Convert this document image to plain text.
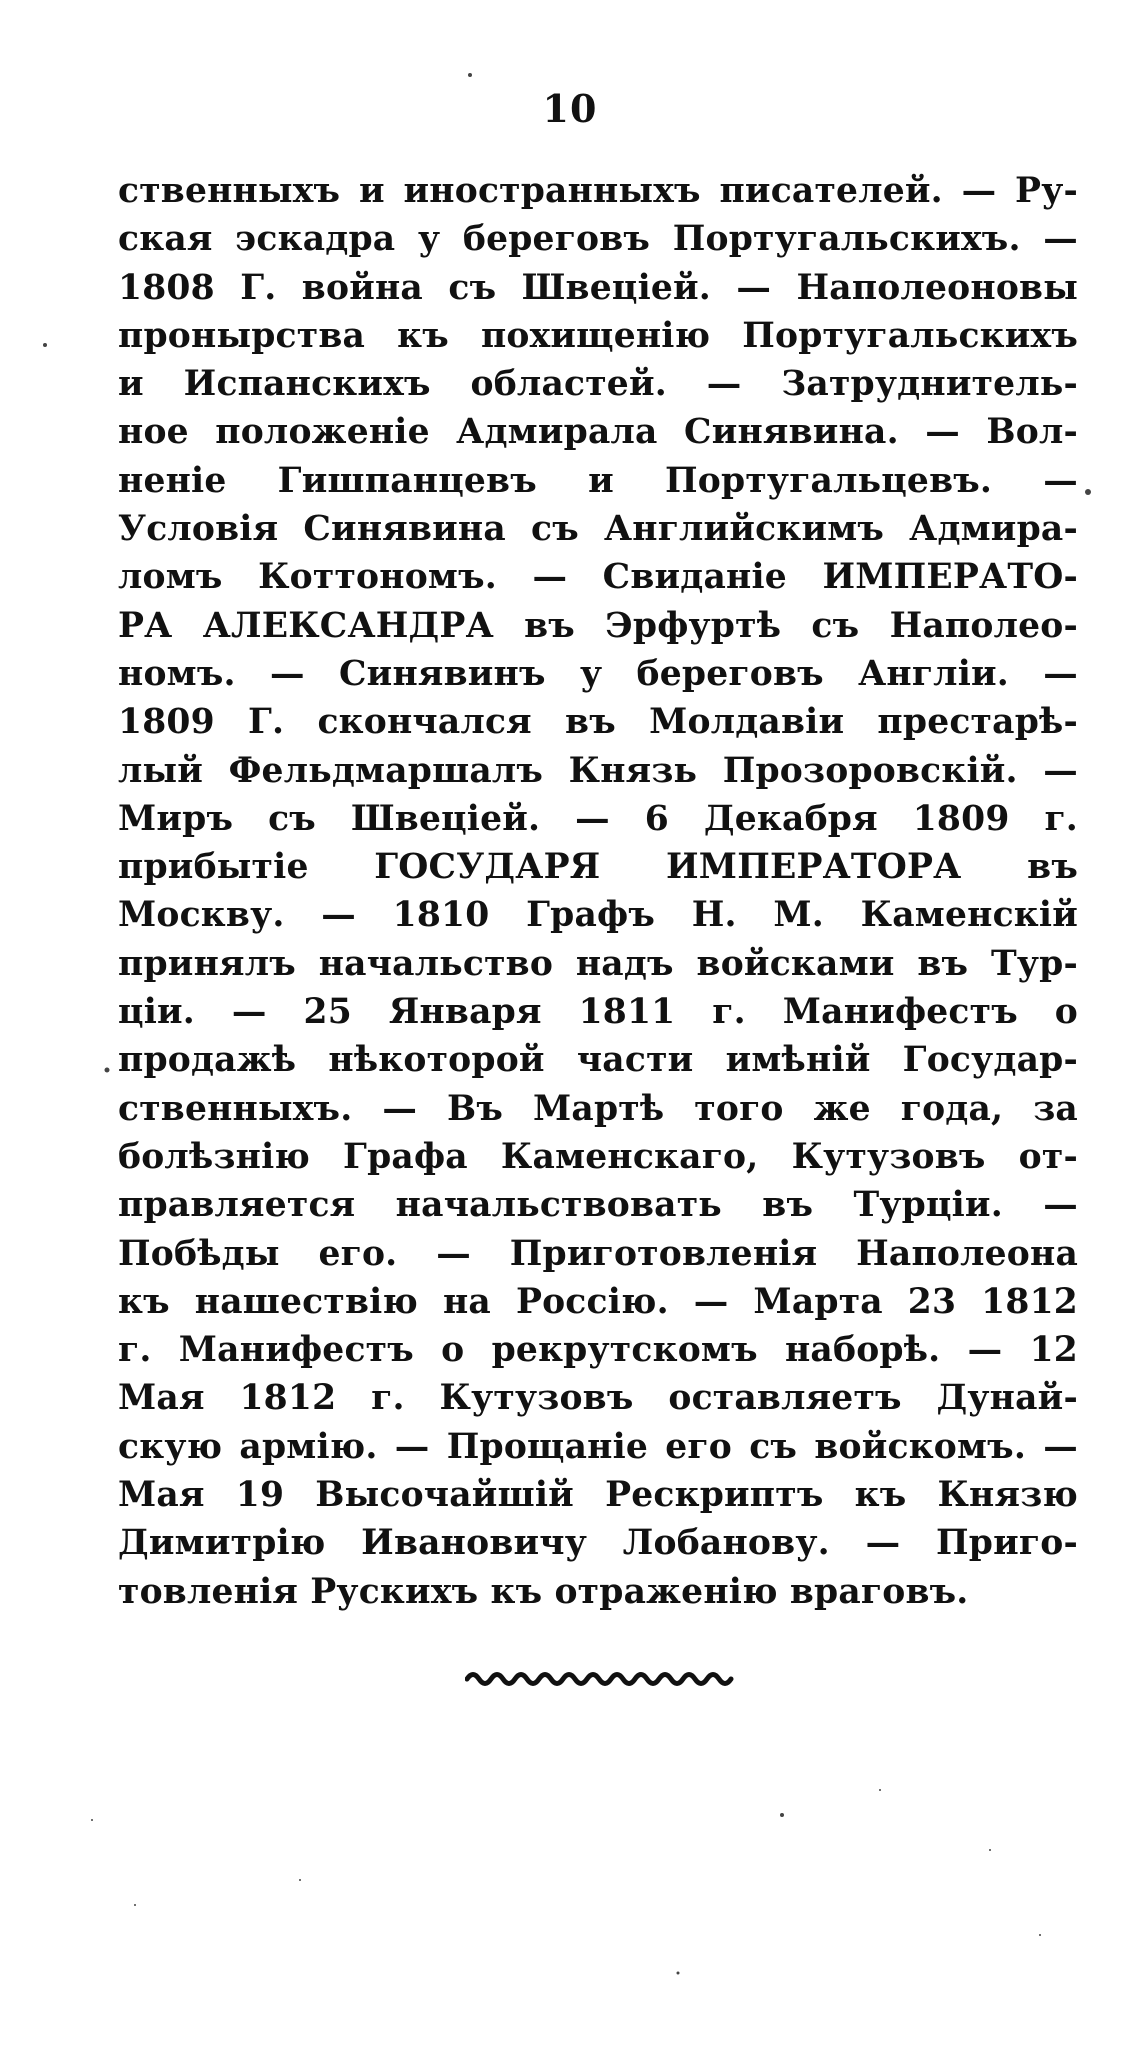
10
ственныхъ и иностранныхъ писателей. — Ру-
ская эскадра у береговъ Португальскихъ. —
1808 Г. война съ Швеціей. — Наполеоновы
пронырства къ похищенію Португальскихъ
и Испанскихъ областей. — Затруднитель-
ное положеніе Адмирала Синявина. — Вол-
неніе Гишпанцевъ и Португальцевъ. —
Условія Синявина съ Английскимъ Адмира-
ломъ Коттономъ. — Свиданіе ИМПЕРАТО-
РА АЛЕКСАНДРА въ Эрфуртѣ съ Наполео-
номъ. — Синявинъ у береговъ Англіи. —
1809 Г. скончался въ Молдавіи престарѣ-
лый Фельдмаршалъ Князь Прозоровскій. —
Миръ съ Швеціей. — 6 Декабря 1809 г.
прибытіе ГОСУДАРЯ ИМПЕРАТОРА въ
Москву. — 1810 Графъ Н. М. Каменскій
принялъ начальство надъ войсками въ Тур-
ціи. — 25 Января 1811 г. Манифестъ о
продажѣ нѣкоторой части имѣній Государ-
ственныхъ. — Въ Мартѣ того же года, за
болѣзнію Графа Каменскаго, Кутузовъ от-
правляется начальствовать въ Турціи. —
Побѣды его. — Приготовленія Наполеона
къ нашествію на Россію. — Марта 23 1812
г. Манифестъ о рекрутскомъ наборѣ. — 12
Мая 1812 г. Кутузовъ оставляетъ Дунай-
скую армію. — Прощаніе его съ войскомъ. —
Мая 19 Высочайшій Рескриптъ къ Князю
Димитрію Ивановичу Лобанову. — Приго-
товленія Рускихъ къ отраженію враговъ.
